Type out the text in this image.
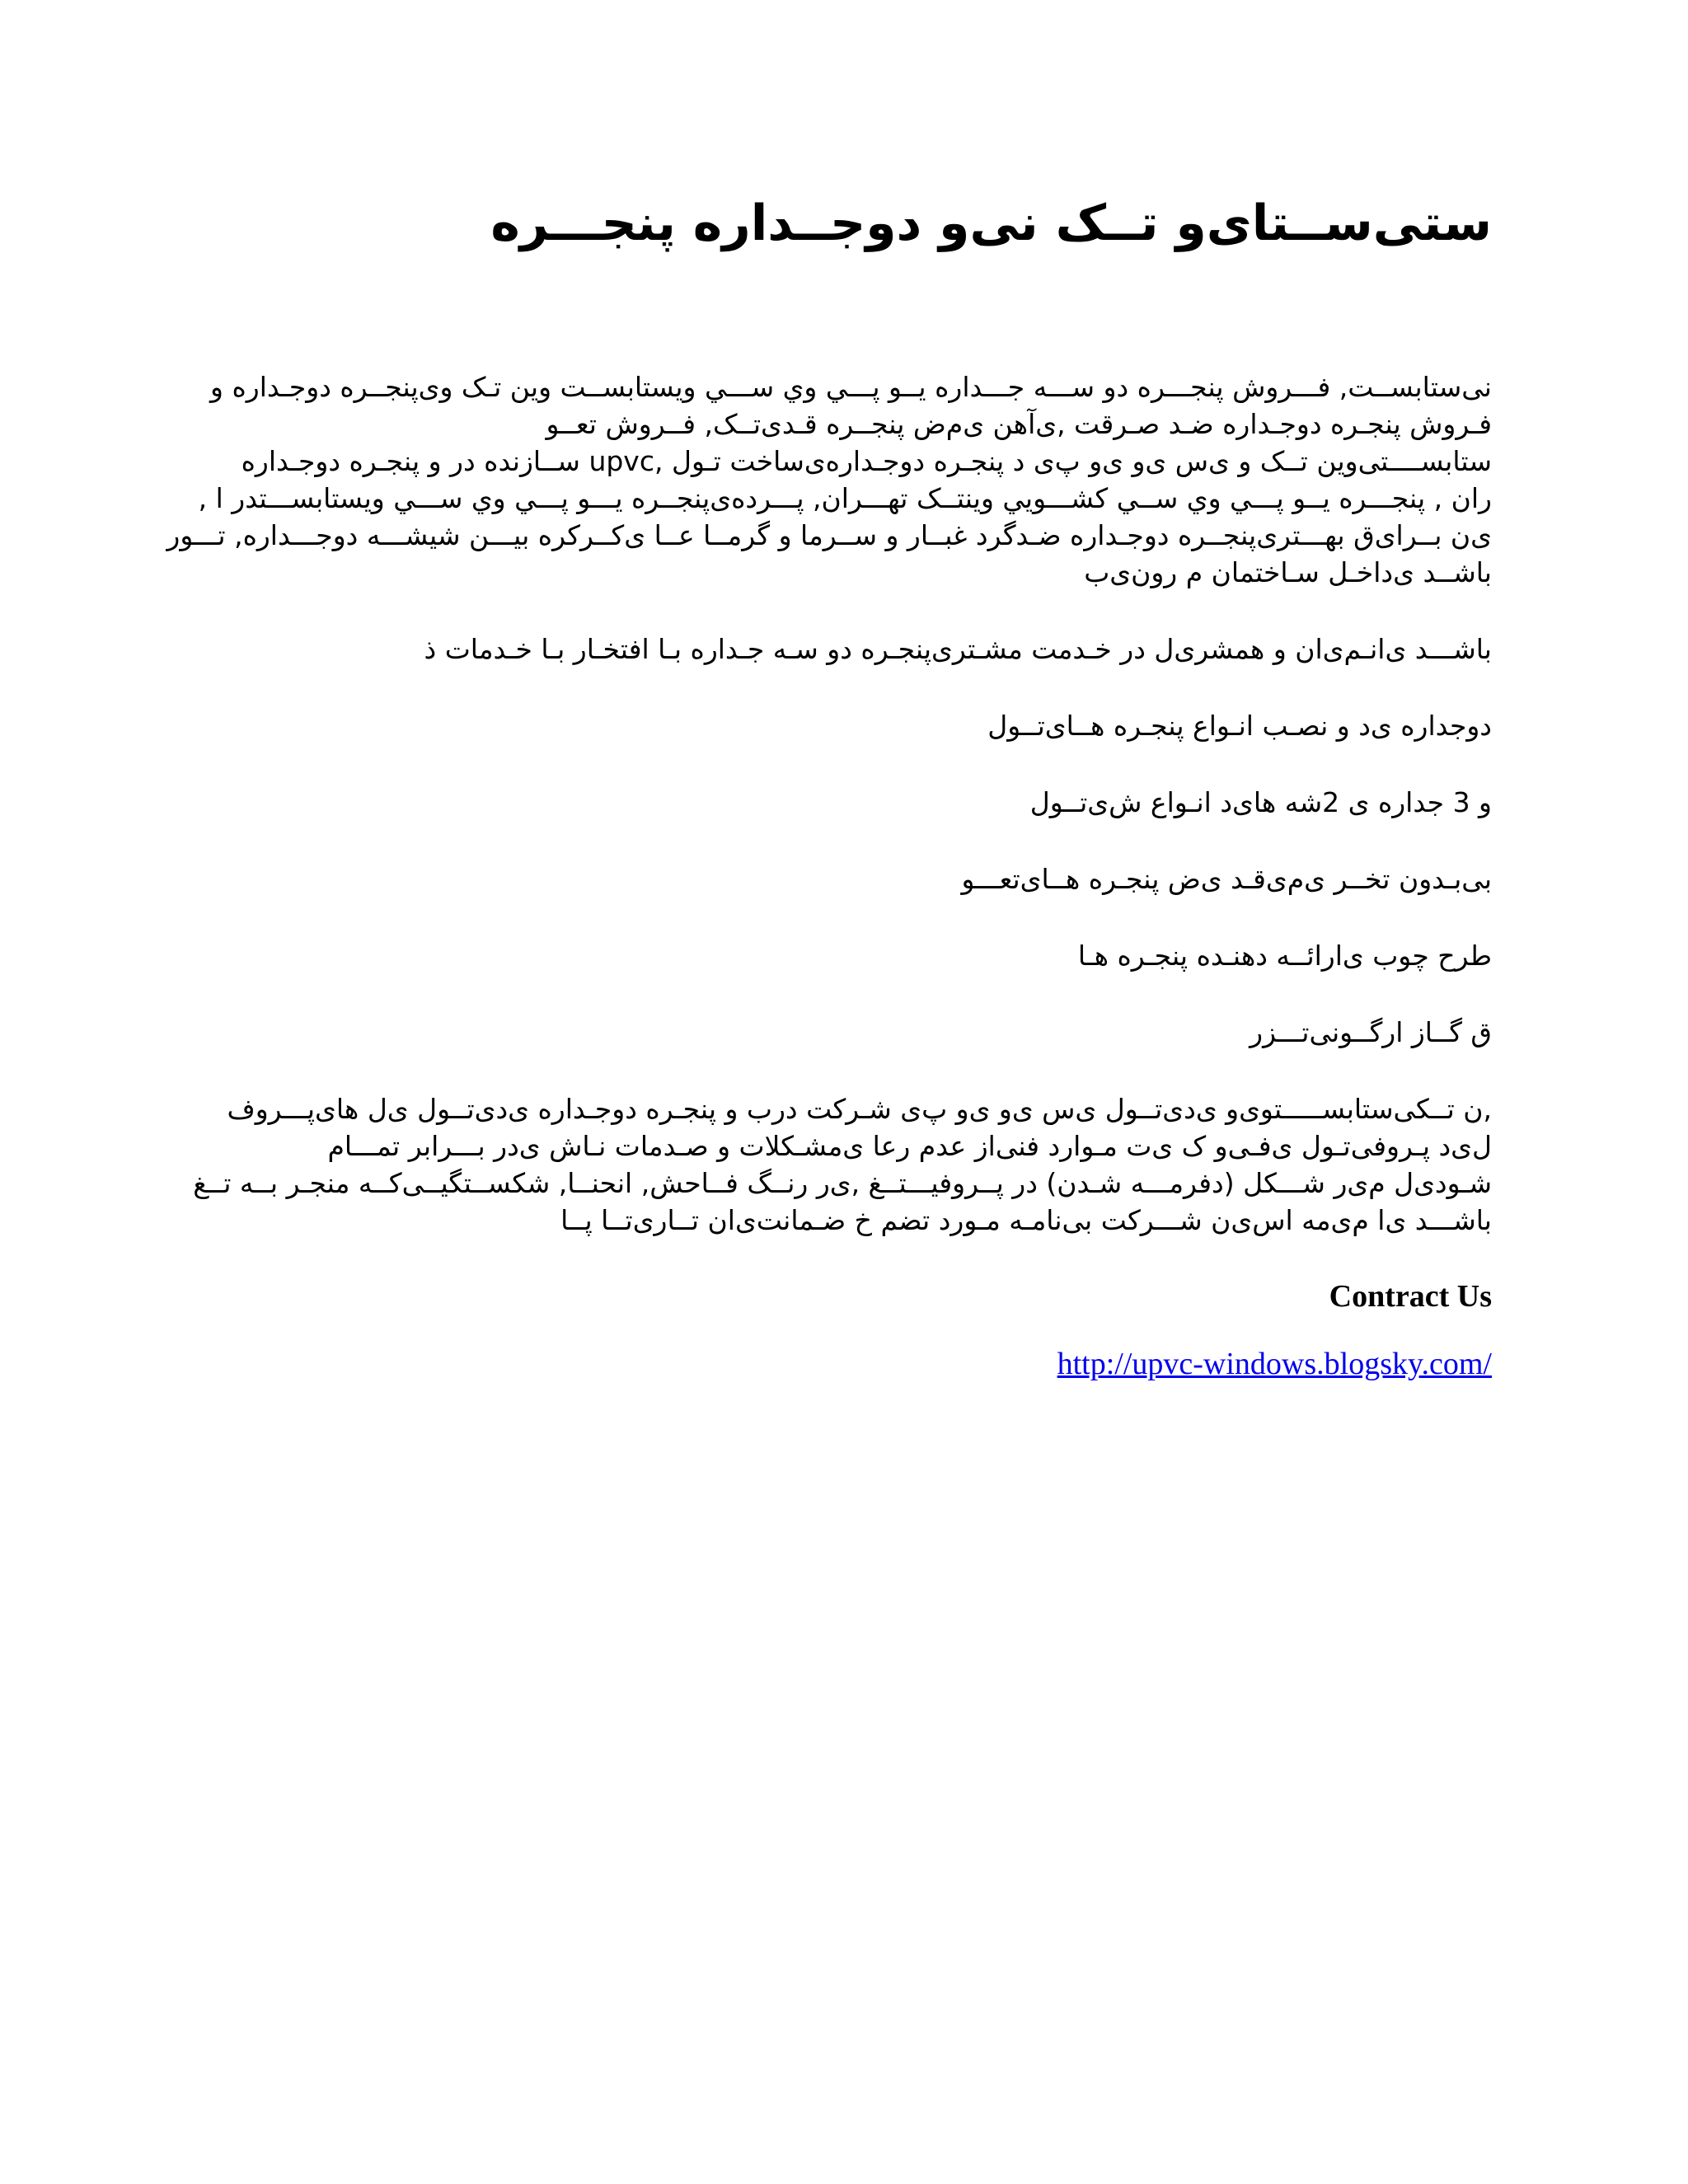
ستی‌ســتای‌و تــک نی‌و دوجــداره پنجـــره
نی‌ستابســت, فـــروش پنجـــره دو ســـه جـــداره یــو پـــي وي ســـي ویستابســت وین تـک وی‌پنجــره دوجـداره و
فـروش پنجـره دوجـداره ضـد صـرقت ,ی‌آهن ی‌م‌ض پنجــره قـدی‌تــک, فــروش تعــو
ستابســــتی‌وین تــک و ی‌س ی‌و ی‌و پ‌ی د پنجـره دوجـداره‌ی‌ساخت تـول ,upvc ســازنده در و پنجـره دوجـداره
ران , پنجـــره یــو پـــي وي ســي کشـــويي وینتــک تهـــران, پـــرده‌ی‌پنجــره یـــو پـــي وي ســـي ویستابســـتدر ا ,
ی‌ن بــرای‌ق بهـــتری‌پنجــره دوجـداره ضـدگرد غبــار و ســرما و گرمــا عــا ی‌کــرکره بیـــن شیشـــه دوجـــداره, تـــور
باشــد ی‌داخـل سـاختمان م رون‌ی‌ب
باشـــد ی‌انـم‌ی‌ان و همشری‌ل در خـدمت مشـتری‌پنجـره دو سـه جـداره بـا افتخـار بـا خـدمات ذ
دوجداره ی‌د و نصـب انـواع پنجـره هــای‌تــول
و 3 جداره ی 2شه های‌د انـواع ش‌ی‌تــول
بی‌بـدون تخــر ی‌م‌ی‌قـد ی‌ض پنجـره هــای‌تعـــو
طرح چوب ی‌ارائــه دهنـده پنجـره هـا
ق گــاز ارگــونی‌تـــزر
,ن تــکی‌ستابســـــتوی‌و ی‌دی‌تــول ی‌س ی‌و ی‌و پ‌ی شـرکت درب و پنجـره دوجـداره ی‌دی‌تــول ی‌ل های‌پـــروف
ل‌ی‌د پـروفی‌تـول ی‌فـی‌و ک ی‌ت مـوارد فنی‌از عدم رعا ی‌مشـکلات و صـدمات نـاش ی‌در بـــرابر تمـــام
شـودی‌ل م‌ی‌ر شـــکل (دفرمـــه شـدن) در پــروفیـــتــغ ,ی‌ر رنــگ فــاحش, انحنــا, شکســتگیــی‌کــه منجـر بــه تــغ
باشـــد ی‌ا م‌ی‌مه اس‌ی‌ن شـــرکت بی‌نامـه مـورد تضم خ ضـمانت‌ی‌ان تــاری‌تــا پــا
Contract Us
http://upvc-windows.blogsky.com/
